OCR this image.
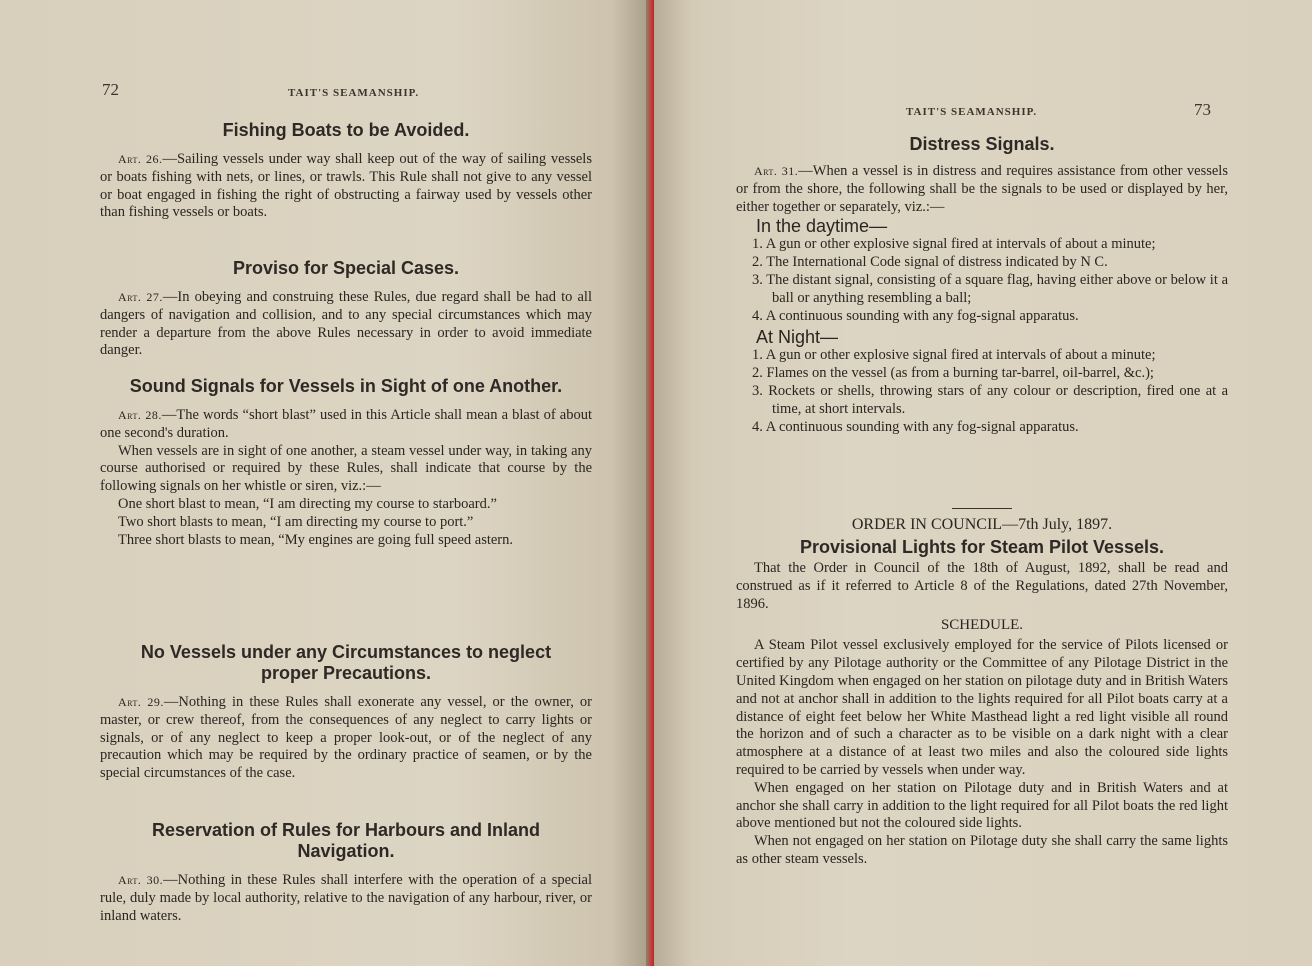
72	TAIT'S SEAMANSHIP.
Fishing Boats to be Avoided.

Art. 26.—Sailing vessels under way shall keep out of the way of sailing vessels or boats fishing with nets, or lines, or trawls. This Rule shall not give to any vessel or boat engaged in fishing the right of obstructing a fairway used by vessels other than fishing vessels or boats.

Proviso for Special Cases.

Art. 27.—In obeying and construing these Rules, due regard shall be had to all dangers of navigation and collision, and to any special circumstances which may render a departure from the above Rules necessary in order to avoid immediate danger.

Sound Signals for Vessels in Sight of one Another.

Art. 28.—The words “short blast” used in this Article shall mean a blast of about one second's duration.

When vessels are in sight of one another, a steam vessel under way, in taking any course authorised or required by these Rules, shall indicate that course by the following signals on her whistle or siren, viz.:—

One short blast to mean, “I am directing my course to starboard.”

Two short blasts to mean, “I am directing my course to port.”

Three short blasts to mean, “My engines are going full speed astern.

No Vessels under any Circumstances to neglect proper Precautions.

Art. 29.—Nothing in these Rules shall exonerate any vessel, or the owner, or master, or crew thereof, from the consequences of any neglect to carry lights or signals, or of any neglect to keep a proper look-out, or of the neglect of any precaution which may be required by the ordinary practice of seamen, or by the special circumstances of the case.

Reservation of Rules for Harbours and Inland Navigation.

Art. 30.—Nothing in these Rules shall interfere with the operation of a special rule, duly made by local authority, relative to the navigation of any harbour, river, or inland waters.

TAIT'S SEAMANSHIP.	73
Distress Signals.

Art. 31.—When a vessel is in distress and requires assistance from other vessels or from the shore, the following shall be the signals to be used or displayed by her, either together or separately, viz.:—

In the daytime—

1. A gun or other explosive signal fired at intervals of about a minute;

2. The International Code signal of distress indicated by N C.

3. The distant signal, consisting of a square flag, having either above or below it a ball or anything resembling a ball;

4. A continuous sounding with any fog-signal apparatus.

At Night—

1. A gun or other explosive signal fired at intervals of about a minute;

2. Flames on the vessel (as from a burning tar-barrel, oil-barrel, &c.);

3. Rockets or shells, throwing stars of any colour or description, fired one at a time, at short intervals.

4. A continuous sounding with any fog-signal apparatus.

ORDER IN COUNCIL—7th July, 1897.

Provisional Lights for Steam Pilot Vessels.

That the Order in Council of the 18th of August, 1892, shall be read and construed as if it referred to Article 8 of the Regulations, dated 27th November, 1896.

SCHEDULE.

A Steam Pilot vessel exclusively employed for the service of Pilots licensed or certified by any Pilotage authority or the Committee of any Pilotage District in the United Kingdom when engaged on her station on pilotage duty and in British Waters and not at anchor shall in addition to the lights required for all Pilot boats carry at a distance of eight feet below her White Masthead light a red light visible all round the horizon and of such a character as to be visible on a dark night with a clear atmosphere at a distance of at least two miles and also the coloured side lights required to be carried by vessels when under way.

When engaged on her station on Pilotage duty and in British Waters and at anchor she shall carry in addition to the light required for all Pilot boats the red light above mentioned but not the coloured side lights.

When not engaged on her station on Pilotage duty she shall carry the same lights as other steam vessels.
